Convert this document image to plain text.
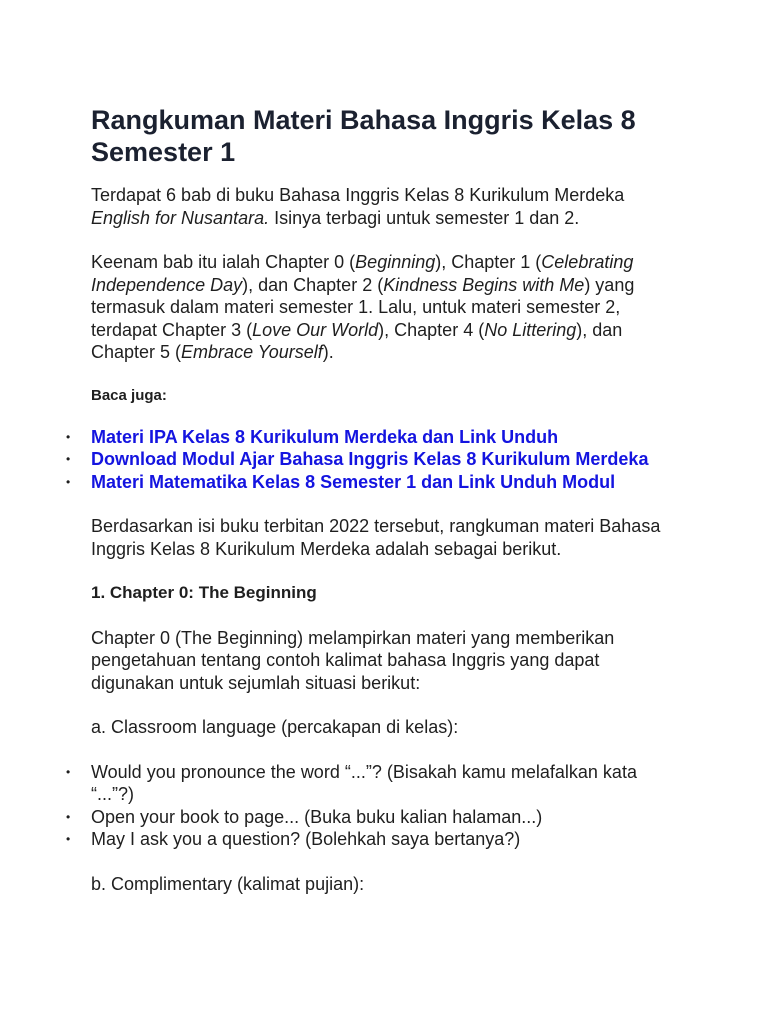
Rangkuman Materi Bahasa Inggris Kelas 8 Semester 1

Terdapat 6 bab di buku Bahasa Inggris Kelas 8 Kurikulum Merdeka English for Nusantara. Isinya terbagi untuk semester 1 dan 2.

Keenam bab itu ialah Chapter 0 (Beginning), Chapter 1 (Celebrating Independence Day), dan Chapter 2 (Kindness Begins with Me) yang termasuk dalam materi semester 1. Lalu, untuk materi semester 2, terdapat Chapter 3 (Love Our World), Chapter 4 (No Littering), dan Chapter 5 (Embrace Yourself).

Baca juga:

• Materi IPA Kelas 8 Kurikulum Merdeka dan Link Unduh
• Download Modul Ajar Bahasa Inggris Kelas 8 Kurikulum Merdeka
• Materi Matematika Kelas 8 Semester 1 dan Link Unduh Modul

Berdasarkan isi buku terbitan 2022 tersebut, rangkuman materi Bahasa Inggris Kelas 8 Kurikulum Merdeka adalah sebagai berikut.

1. Chapter 0: The Beginning

Chapter 0 (The Beginning) melampirkan materi yang memberikan pengetahuan tentang contoh kalimat bahasa Inggris yang dapat digunakan untuk sejumlah situasi berikut:

a. Classroom language (percakapan di kelas):

• Would you pronounce the word “...”? (Bisakah kamu melafalkan kata “...”?)
• Open your book to page... (Buka buku kalian halaman...)
• May I ask you a question? (Bolehkah saya bertanya?)

b. Complimentary (kalimat pujian):
